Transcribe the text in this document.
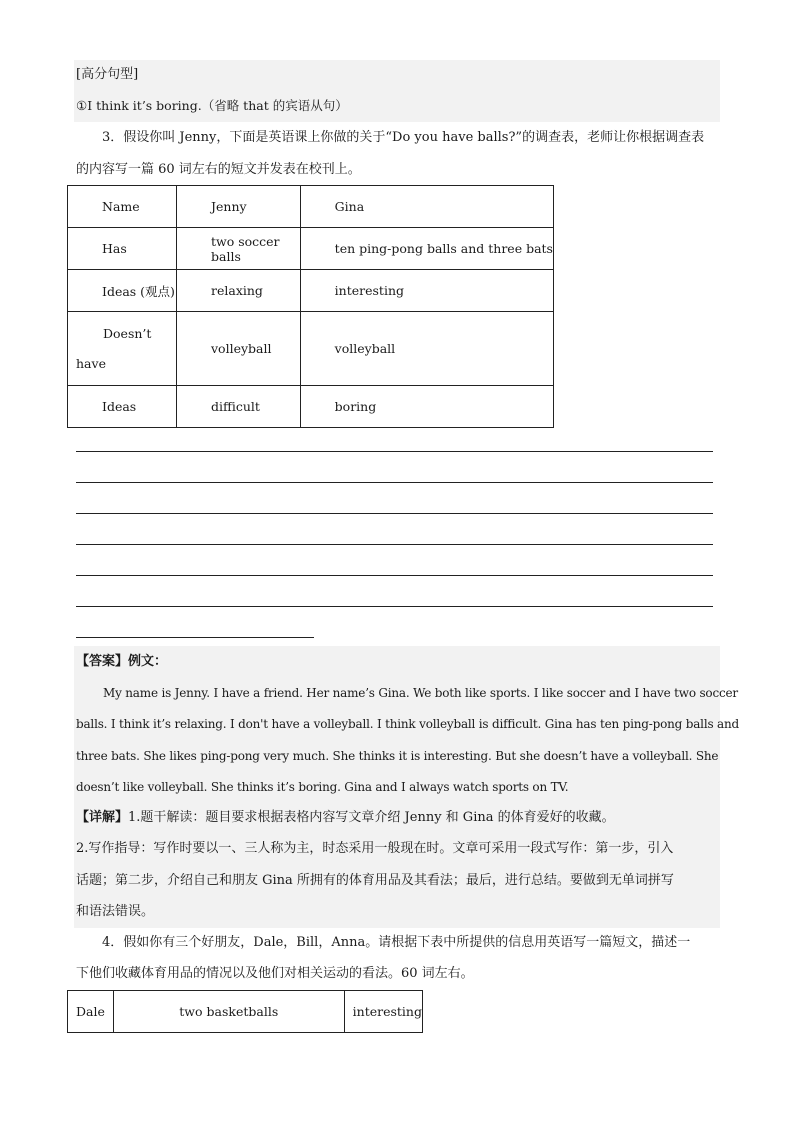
[高分句型]
①I think it’s boring.（省略 that 的宾语从句）
3．假设你叫 Jenny，下面是英语课上你做的关于“Do you have balls?”的调查表，老师让你根据调查表
的内容写一篇 60 词左右的短文并发表在校刊上。
Name	Jenny	Gina
Has	two soccer balls	ten ping-pong balls and three bats
Ideas (观点)	relaxing	interesting

Doesn’t
have	volleyball	volleyball
Ideas	difficult	boring
【答案】例文：
My name is Jenny. I have a friend. Her name’s Gina. We both like sports. I like soccer and I have two soccer
balls. I think it’s relaxing. I don't have a volleyball. I think volleyball is difficult. Gina has ten ping-pong balls and
three bats. She likes ping-pong very much. She thinks it is interesting. But she doesn’t have a volleyball. She
doesn’t like volleyball. She thinks it’s boring. Gina and I always watch sports on TV.
【详解】1.题干解读：题目要求根据表格内容写文章介绍 Jenny 和 Gina 的体育爱好的收藏。
2.写作指导：写作时要以一、三人称为主，时态采用一般现在时。文章可采用一段式写作：第一步，引入
话题；第二步，介绍自己和朋友 Gina 所拥有的体育用品及其看法；最后，进行总结。要做到无单词拼写
和语法错误。
4．假如你有三个好朋友，Dale，Bill，Anna。请根据下表中所提供的信息用英语写一篇短文，描述一
下他们收藏体育用品的情况以及他们对相关运动的看法。60 词左右。
Dale	two basketballs	interesting
